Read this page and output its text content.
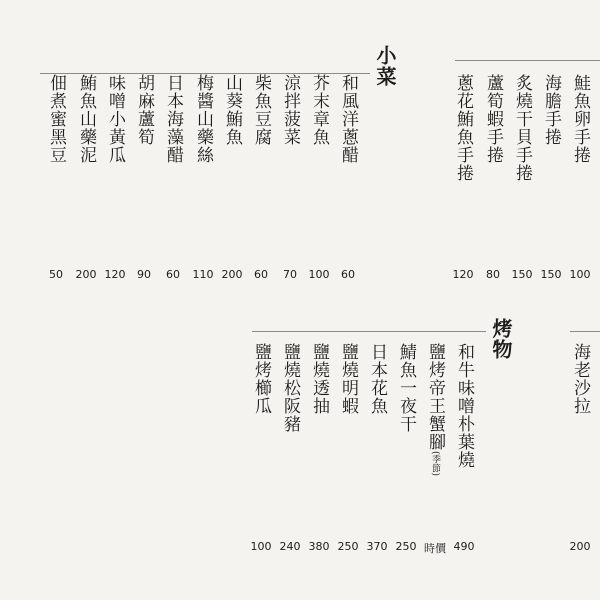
小菜
和風洋蔥醋
芥末章魚
涼拌菠菜
柴魚豆腐
山葵鮪魚
梅醬山藥絲
日本海藻醋
胡麻蘆筍
味噌小黃瓜
鮪魚山藥泥
佃煮蜜黑豆
60
100
70
60
200
110
60
90
120
200
50
鮭魚卵手捲
海膽手捲
炙燒干貝手捲
蘆筍蝦手捲
蔥花鮪魚手捲
100
150
150
80
120
烤物
和牛味噌朴葉燒
鹽烤帝王蟹腳(季節)
鯖魚一夜干
日本花魚
鹽燒明蝦
鹽燒透抽
鹽燒松阪豬
鹽烤櫛瓜
490
時價
250
370
250
380
240
100
海老沙拉
200
